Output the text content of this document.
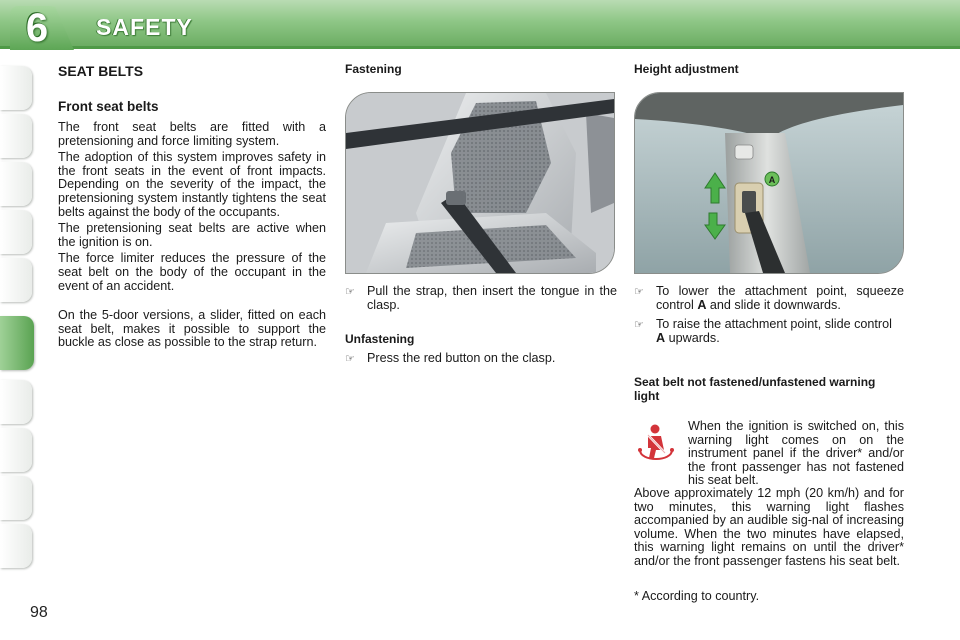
6	SAFETY
98
SEAT BELTS
Front seat belts

The front seat belts are fitted with a pretensioning and force limiting system.

The adoption of this system improves safety in the front seats in the event of front impacts. Depending on the severity of the impact, the pretensioning system instantly tightens the seat belts against the body of the occupants.

The pretensioning seat belts are active when the ignition is on.

The force limiter reduces the pressure of the seat belt on the body of the occupant in the event of an accident.

On the 5-door versions, a slider, fitted on each seat belt, makes it possible to support the buckle as close as possible to the strap return.

Fastening
☞ Pull the strap, then insert the tongue in the clasp.
Unfastening
☞ Press the red button on the clasp.
Height adjustment
A
☞ To lower the attachment point, squeeze control A and slide it downwards.
☞ To raise the attachment point, slide control A upwards.
Seat belt not fastened/unfastened warning light

When the ignition is switched on, this warning light comes on on the instrument panel if the driver* and/or the front passenger has not fastened his seat belt.

Above approximately 12 mph (20 km/h) and for two minutes, this warning light flashes accompanied by an audible sig-nal of increasing volume. When the two minutes have elapsed, this warning light remains on until the driver* and/or the front passenger fastens his seat belt.

* According to country.
